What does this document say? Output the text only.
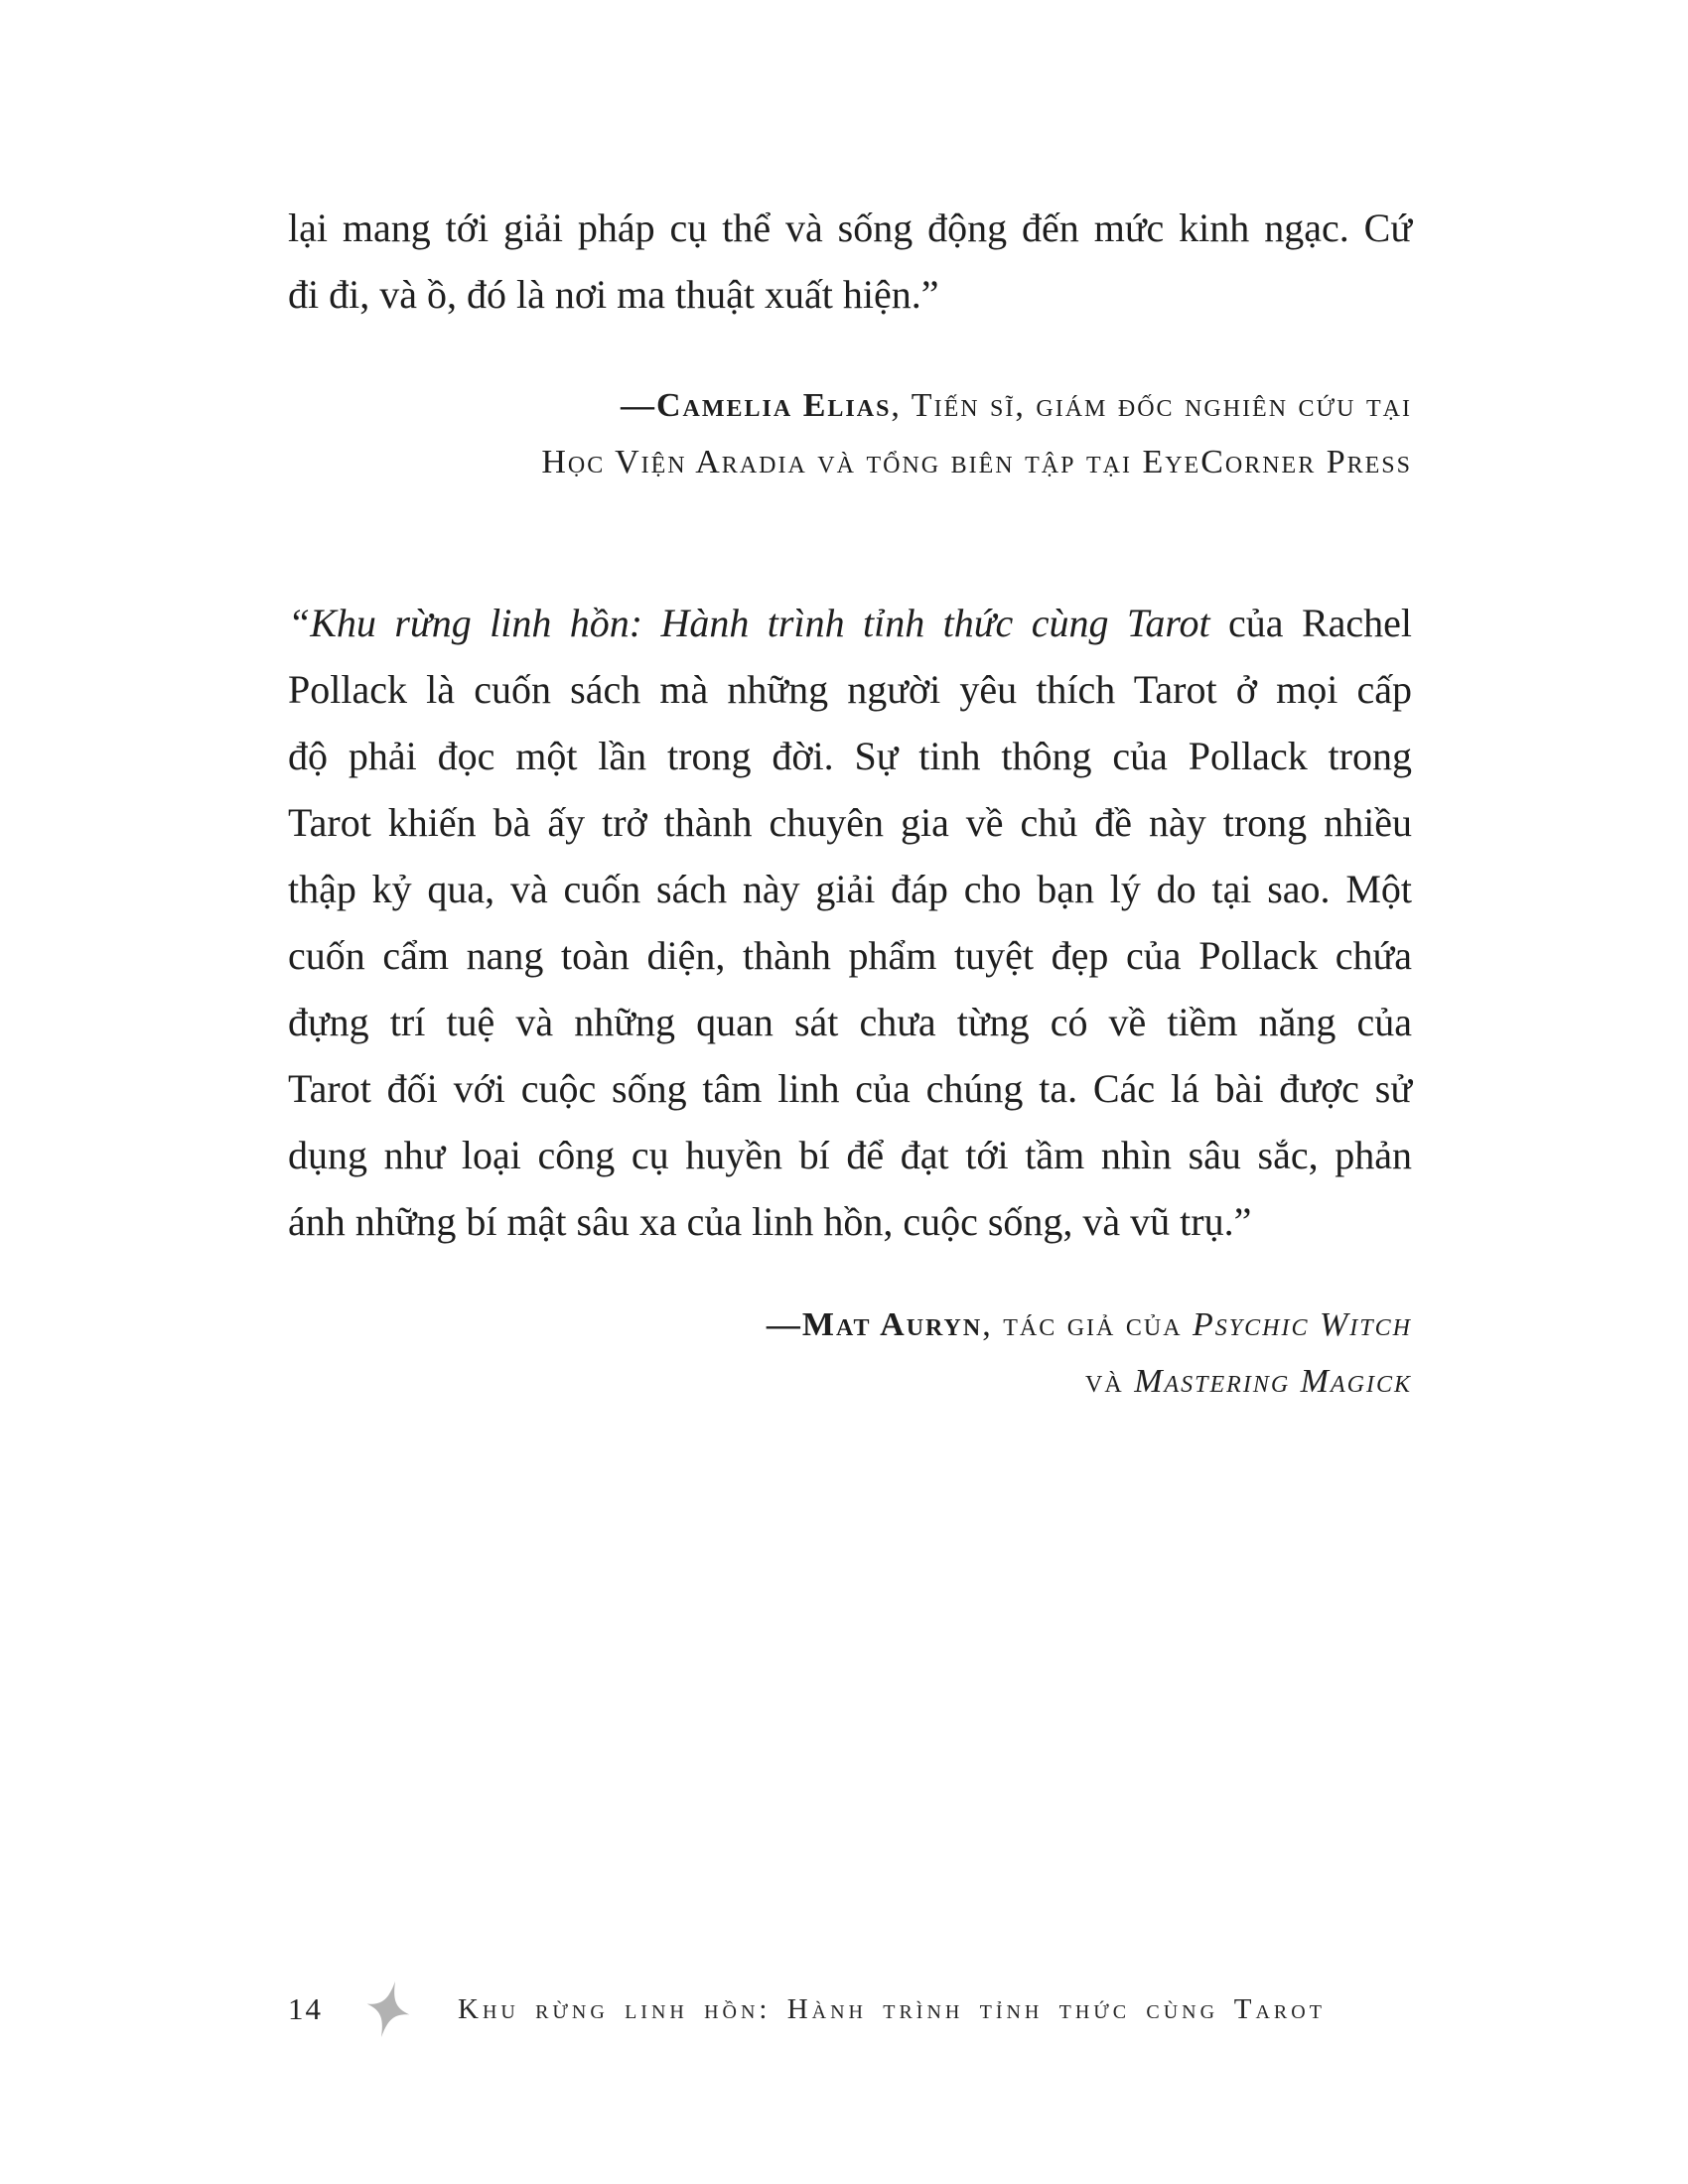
lại mang tới giải pháp cụ thể và sống động đến mức kinh ngạc. Cứ
đi đi, và ồ, đó là nơi ma thuật xuất hiện.”
—Camelia Elias, Tiến sĩ, giám đốc nghiên cứu tại
Học Viện Aradia và tổng biên tập tại EyeCorner Press
“Khu rừng linh hồn: Hành trình tỉnh thức cùng Tarot của Rachel
Pollack là cuốn sách mà những người yêu thích Tarot ở mọi cấp
độ phải đọc một lần trong đời. Sự tinh thông của Pollack trong
Tarot khiến bà ấy trở thành chuyên gia về chủ đề này trong nhiều
thập kỷ qua, và cuốn sách này giải đáp cho bạn lý do tại sao. Một
cuốn cẩm nang toàn diện, thành phẩm tuyệt đẹp của Pollack chứa
đựng trí tuệ và những quan sát chưa từng có về tiềm năng của
Tarot đối với cuộc sống tâm linh của chúng ta. Các lá bài được sử
dụng như loại công cụ huyền bí để đạt tới tầm nhìn sâu sắc, phản
ánh những bí mật sâu xa của linh hồn, cuộc sống, và vũ trụ.”
—Mat Auryn, tác giả của Psychic Witch
và Mastering Magick
14	Khu rừng linh hồn: Hành trình tỉnh thức cùng Tarot
